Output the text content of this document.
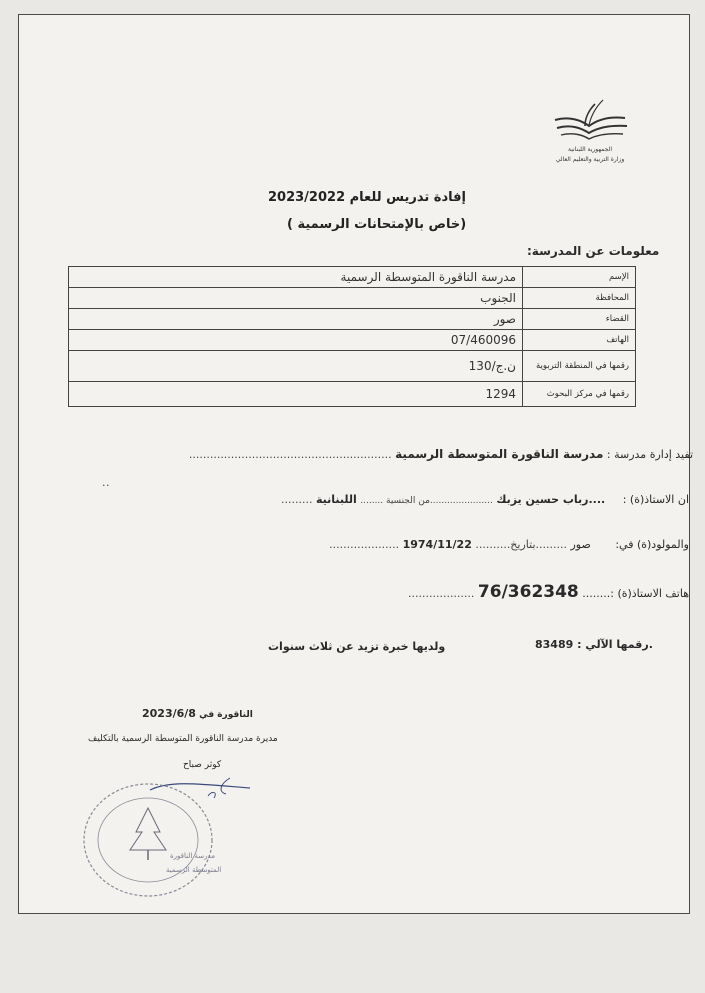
الجمهورية اللبنانية
وزارة التربية والتعليم العالي
إفادة تدريس للعام 2023/2022
(خاص بالإمتحانات الرسمية )
معلومات عن المدرسة:
الإسم	مدرسة الناقورة المتوسطة الرسمية
المحافظة	الجنوب
القضاء	صور
الهاتف	07/460096
رقمها في المنطقة التربوية	ن.ج/130
رقمها في مركز البحوث	1294
تفيد إدارة مدرسة : مدرسة الناقورة المتوسطة الرسمية ..........................................................
..
ان الاستاذ(ة) :     ....رباب حسين يزبك ......................من الجنسية ........ اللبنانية .........
والمولود(ة) في:       صور .........بتاريخ.......... 1974/11/22 ....................
هاتف الاستاذ(ة) :........ 76/362348 ...................
.رقمها الآلي : 83489
ولديها خبرة تزيد عن ثلاث سنوات
الناقورة في 2023/6/8
مديرة مدرسة الناقورة المتوسطة الرسمية بالتكليف
كوثر صباح
مدرسة الناقورة
المتوسطة الرسمية
